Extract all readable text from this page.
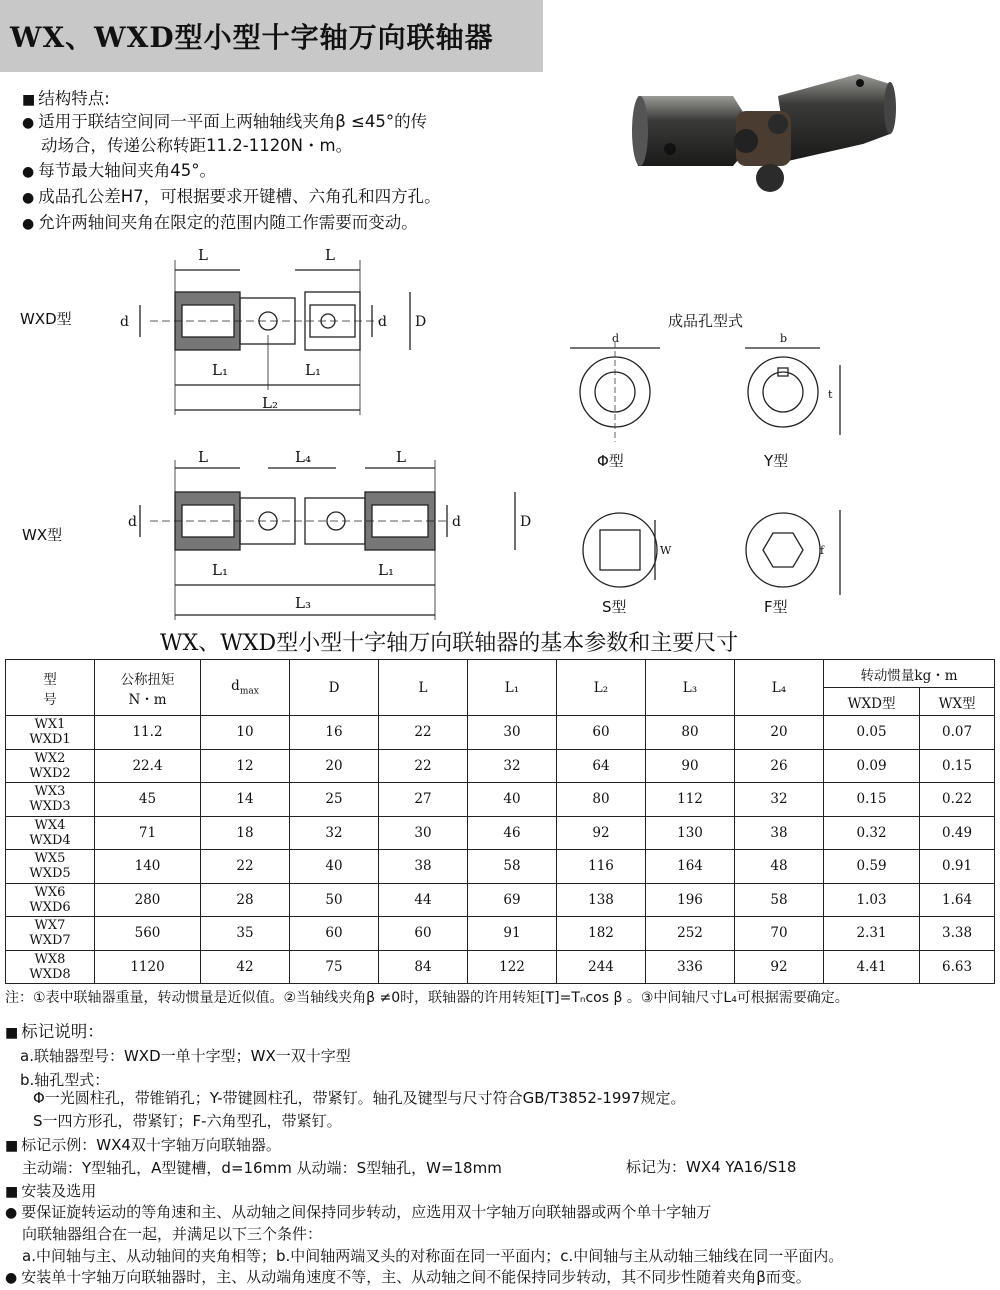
WX、WXD型小型十字轴万向联轴器
■ 结构特点:
● 适用于联结空间同一平面上两轴轴线夹角β ≤45°的传
动场合，传递公称转距11.2-1120N・m。
● 每节最大轴间夹角45°。
● 成品孔公差H7，可根据要求开键槽、六角孔和四方孔。
● 允许两轴间夹角在限定的范围内随工作需要而变动。
L	L
L₁	L₁
L₂
d	d D
L	L₄	L
L₁	L₁
L₃
d	d	D
d	b
t
W	f
WXD型
WX型
成品孔型式
Φ型	Y型
S型	F型
WX、WXD型小型十字轴万向联轴器的基本参数和主要尺寸
型
号	公称扭矩
N・m	$d_{max}$	D	L	L₁	L₂	L₃	L₄	转动惯量kg・m	
									WXD型	WX型

WX1
WXD1	11.2	10	16	22	30	60	80	20	0.05	0.07

WX2
WXD2	22.4	12	20	22	32	64	90	26	0.09	0.15

WX3
WXD3	45	14	25	27	40	80	112	32	0.15	0.22

WX4
WXD4	71	18	32	30	46	92	130	38	0.32	0.49

WX5
WXD5	140	22	40	38	58	116	164	48	0.59	0.91

WX6
WXD6	280	28	50	44	69	138	196	58	1.03	1.64

WX7
WXD7	560	35	60	60	91	182	252	70	2.31	3.38

WX8
WXD8	1120	42	75	84	122	244	336	92	4.41	6.63
注：①表中联轴器重量，转动惯量是近似值。②当轴线夹角β ≠0时，联轴器的许用转矩[T]=Tₙcos β 。③中间轴尺寸L₄可根据需要确定。
■ 标记说明：
a.联轴器型号：WXD一单十字型；WX一双十字型
b.轴孔型式：
Φ一光圆柱孔，带锥销孔；Y-带键圆柱孔，带紧钉。轴孔及键型与尺寸符合GB/T3852-1997规定。
S一四方形孔，带紧钉；F-六角型孔，带紧钉。
■ 标记示例：WX4双十字轴万向联轴器。
主动端：Y型轴孔，A型键槽，d=16mm 从动端：S型轴孔，W=18mm	标记为：WX4 YA16/S18
■ 安装及选用
● 要保证旋转运动的等角速和主、从动轴之间保持同步转动，应选用双十字轴万向联轴器或两个单十字轴万
向联轴器组合在一起，并满足以下三个条件：
a.中间轴与主、从动轴间的夹角相等；b.中间轴两端叉头的对称面在同一平面内；c.中间轴与主从动轴三轴线在同一平面内。
● 安装单十字轴万向联轴器时，主、从动端角速度不等，主、从动轴之间不能保持同步转动，其不同步性随着夹角β而变。
